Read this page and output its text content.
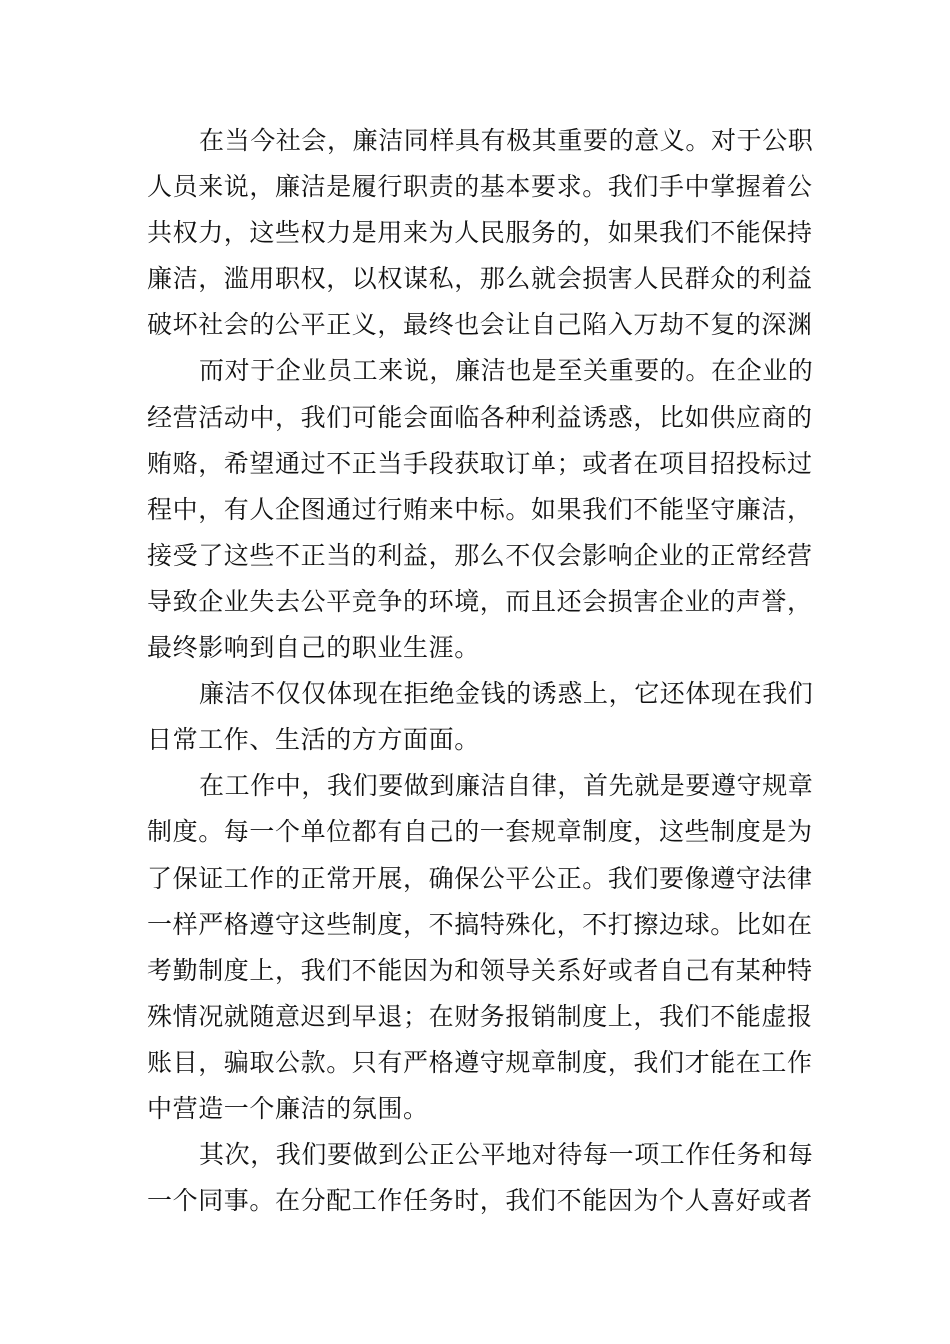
在当今社会，廉洁同样具有极其重要的意义。对于公职
人员来说，廉洁是履行职责的基本要求。我们手中掌握着公
共权力，这些权力是用来为人民服务的，如果我们不能保持
廉洁，滥用职权，以权谋私，那么就会损害人民群众的利益
破坏社会的公平正义，最终也会让自己陷入万劫不复的深渊
而对于企业员工来说，廉洁也是至关重要的。在企业的
经营活动中，我们可能会面临各种利益诱惑，比如供应商的
贿赂，希望通过不正当手段获取订单；或者在项目招投标过
程中，有人企图通过行贿来中标。如果我们不能坚守廉洁，
接受了这些不正当的利益，那么不仅会影响企业的正常经营
导致企业失去公平竞争的环境，而且还会损害企业的声誉，
最终影响到自己的职业生涯。
廉洁不仅仅体现在拒绝金钱的诱惑上，它还体现在我们
日常工作、生活的方方面面。
在工作中，我们要做到廉洁自律，首先就是要遵守规章
制度。每一个单位都有自己的一套规章制度，这些制度是为
了保证工作的正常开展，确保公平公正。我们要像遵守法律
一样严格遵守这些制度，不搞特殊化，不打擦边球。比如在
考勤制度上，我们不能因为和领导关系好或者自己有某种特
殊情况就随意迟到早退；在财务报销制度上，我们不能虚报
账目，骗取公款。只有严格遵守规章制度，我们才能在工作
中营造一个廉洁的氛围。
其次，我们要做到公正公平地对待每一项工作任务和每
一个同事。在分配工作任务时，我们不能因为个人喜好或者
